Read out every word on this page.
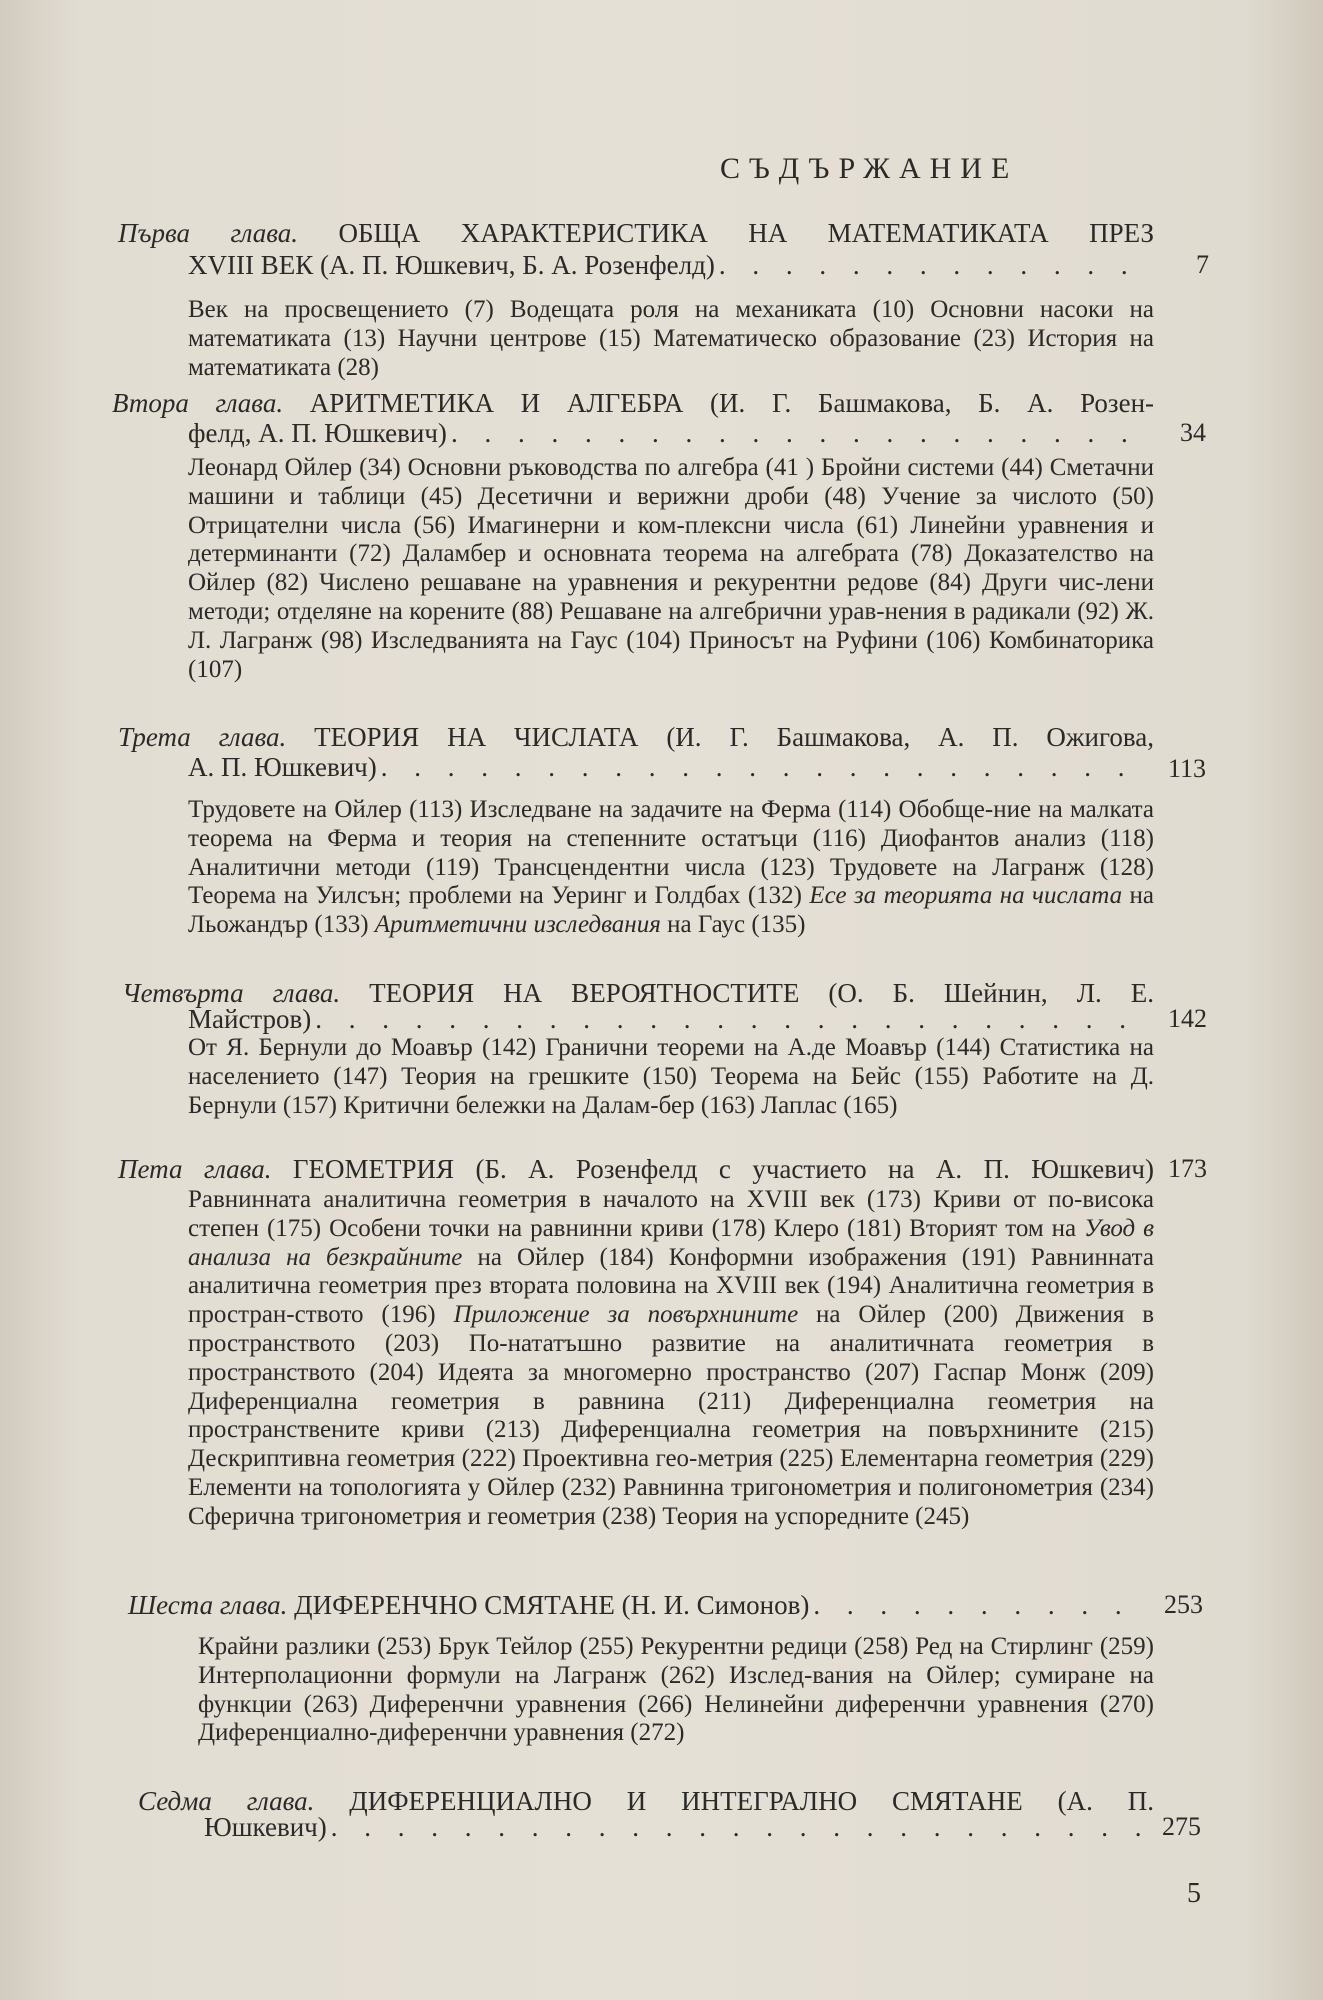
СЪДЪРЖАНИЕ
Първа глава. ОБЩА ХАРАКТЕРИСТИКА НА МАТЕМАТИКАТА ПРЕЗ
XVIII ВЕК (А. П. Юшкевич, Б. А. Розенфелд) . . .	7
Век на просвещението (7) Водещата роля на механиката (10) Основни насоки на математиката (13) Научни центрове (15) Математическо образование (23) История на математиката (28)
Втора глава. АРИТМЕТИКА И АЛГЕБРА (И. Г. Башмакова, Б. А. Розен-
фелд, А. П. Юшкевич) . . .	34
Леонард Ойлер (34) Основни ръководства по алгебра (41 ) Бройни системи (44) Сметачни машини и таблици (45) Десетични и верижни дроби (48) Учение за числото (50) Отрицателни числа (56) Имагинерни и ком-плексни числа (61) Линейни уравнения и детерминанти (72) Даламбер и основната теорема на алгебрата (78) Доказателство на Ойлер (82) Числено решаване на уравнения и рекурентни редове (84) Други чис-лени методи; отделяне на корените (88) Решаване на алгебрични урав-нения в радикали (92) Ж. Л. Лагранж (98) Изследванията на Гаус (104) Приносът на Руфини (106) Комбинаторика (107)
Трета глава. ТЕОРИЯ НА ЧИСЛАТА (И. Г. Башмакова, А. П. Ожигова,
А. П. Юшкевич) . . .	113
Трудовете на Ойлер (113) Изследване на задачите на Ферма (114) Обобще-ние на малката теорема на Ферма и теория на степенните остатъци (116) Диофантов анализ (118) Аналитични методи (119) Трансцендентни числа (123) Трудовете на Лагранж (128) Теорема на Уилсън; проблеми на Уеринг и Голдбах (132) Есе за теорията на числата на Льожандър (133) Аритметични изследвания на Гаус (135)
Четвърта глава. ТЕОРИЯ НА ВЕРОЯТНОСТИТЕ (О. Б. Шейнин, Л. Е.
Майстров) . . .	142
От Я. Бернули до Моавър (142) Гранични теореми на А.де Моавър (144) Статистика на населението (147) Теория на грешките (150) Теорема на Бейс (155) Работите на Д. Бернули (157) Критични бележки на Далам-бер (163) Лаплас (165)
Пета глава. ГЕОМЕТРИЯ (Б. А. Розенфелд с участието на А. П. Юшкевич) 173
Равнинната аналитична геометрия в началото на XVIII век (173) Криви от по-висока степен (175) Особени точки на равнинни криви (178) Клеро (181) Вторият том на Увод в анализа на безкрайните на Ойлер (184) Конформни изображения (191) Равнинната аналитична геометрия през втората половина на XVIII век (194) Аналитична геометрия в простран-ството (196) Приложение за повърхнините на Ойлер (200) Движения в пространството (203) По-нататъшно развитие на аналитичната геометрия в пространството (204) Идеята за многомерно пространство (207) Гаспар Монж (209) Диференциална геометрия в равнина (211) Диференциална геометрия на пространствените криви (213) Диференциална геометрия на повърхнините (215) Дескриптивна геометрия (222) Проективна гео-метрия (225) Елементарна геометрия (229) Елементи на топологията у Ойлер (232) Равнинна тригонометрия и полигонометрия (234) Сферична тригонометрия и геометрия (238) Теория на успоредните (245)
Шеста глава. ДИФЕРЕНЧНО СМЯТАНЕ (Н. И. Симонов) . . .	253
Крайни разлики (253) Брук Тейлор (255) Рекурентни редици (258) Ред на Стирлинг (259) Интерполационни формули на Лагранж (262) Изслед-вания на Ойлер; сумиране на функции (263) Диференчни уравнения (266) Нелинейни диференчни уравнения (270) Диференциално-диференчни уравнения (272)
Седма глава. ДИФЕРЕНЦИАЛНО И ИНТЕГРАЛНО СМЯТАНЕ (А. П.
Юшкевич) . . .	275
5
